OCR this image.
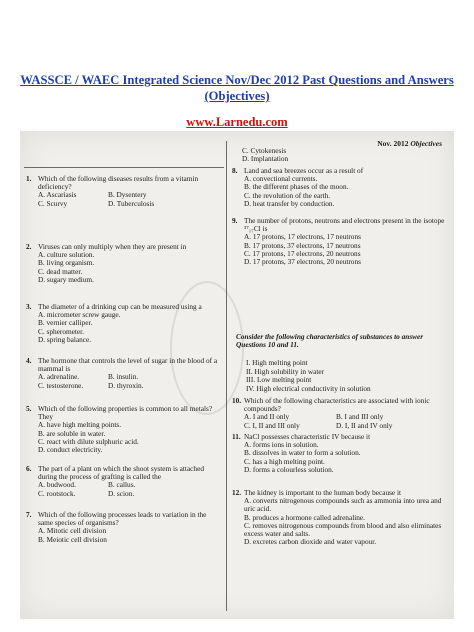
WASSCE / WAEC Integrated Science Nov/Dec 2012 Past Questions and Answers (Objectives)

www.Larnedu.com
Nov. 2012 Objectives
1. Which of the following diseases results from a vitamin deficiency?
A. Ascariasis	B. Dysentery
C. Scurvy	D. Tuberculosis
2. Viruses can only multiply when they are present in
A. culture solution.
B. living organism.
C. dead matter.
D. sugary medium.
3. The diameter of a drinking cup can be measured using a
A. micrometer screw gauge.
B. vernier calliper.
C. spherometer.
D. spring balance.
4. The hormone that controls the level of sugar in the blood of a mammal is
A. adrenaline.	B. insulin.
C. testosterone.	D. thyroxin.
5. Which of the following properties is common to all metals? They
A. have high melting points.
B. are soluble in water.
C. react with dilute sulphuric acid.
D. conduct electricity.
6. The part of a plant on which the shoot system is attached during the process of grafting is called the
A. budwood.	B. callus.
C. rootstock.	D. scion.
7. Which of the following processes leads to variation in the same species of organisms?
A. Mitotic cell division
B. Meiotic cell division
C. Cytokenesis
D. Implantation
8. Land and sea breezes occur as a result of
A. convectional currents.
B. the different phases of the moon.
C. the revolution of the earth.
D. heat transfer by conduction.
9. The number of protons, neutrons and electrons present in the isotope ³⁷₁₇Cl is
A. 17 protons, 17 electrons, 17 neutrons
B. 17 protons, 37 electrons, 17 neutrons
C. 17 protons, 17 electrons, 20 neutrons
D. 17 protons, 37 electrons, 20 neutrons
Consider the following characteristics of substances to answer Questions 10 and 11.
I. High melting point
II. High solubility in water
III. Low melting point
IV. High electrical conductivity in solution
10. Which of the following characteristics are associated with ionic compounds?
A. I and II only	B. I and III only
C. I, II and III only	D. I, II and IV only
11. NaCl possesses characteristic IV because it
A. forms ions in solution.
B. dissolves in water to form a solution.
C. has a high melting point.
D. forms a colourless solution.
12. The kidney is important to the human body because it
A. converts nitrogenous compounds such as ammonia into urea and uric acid.
B. produces a hormone called adrenaline.
C. removes nitrogenous compounds from blood and also eliminates excess water and salts.
D. excretes carbon dioxide and water vapour.
